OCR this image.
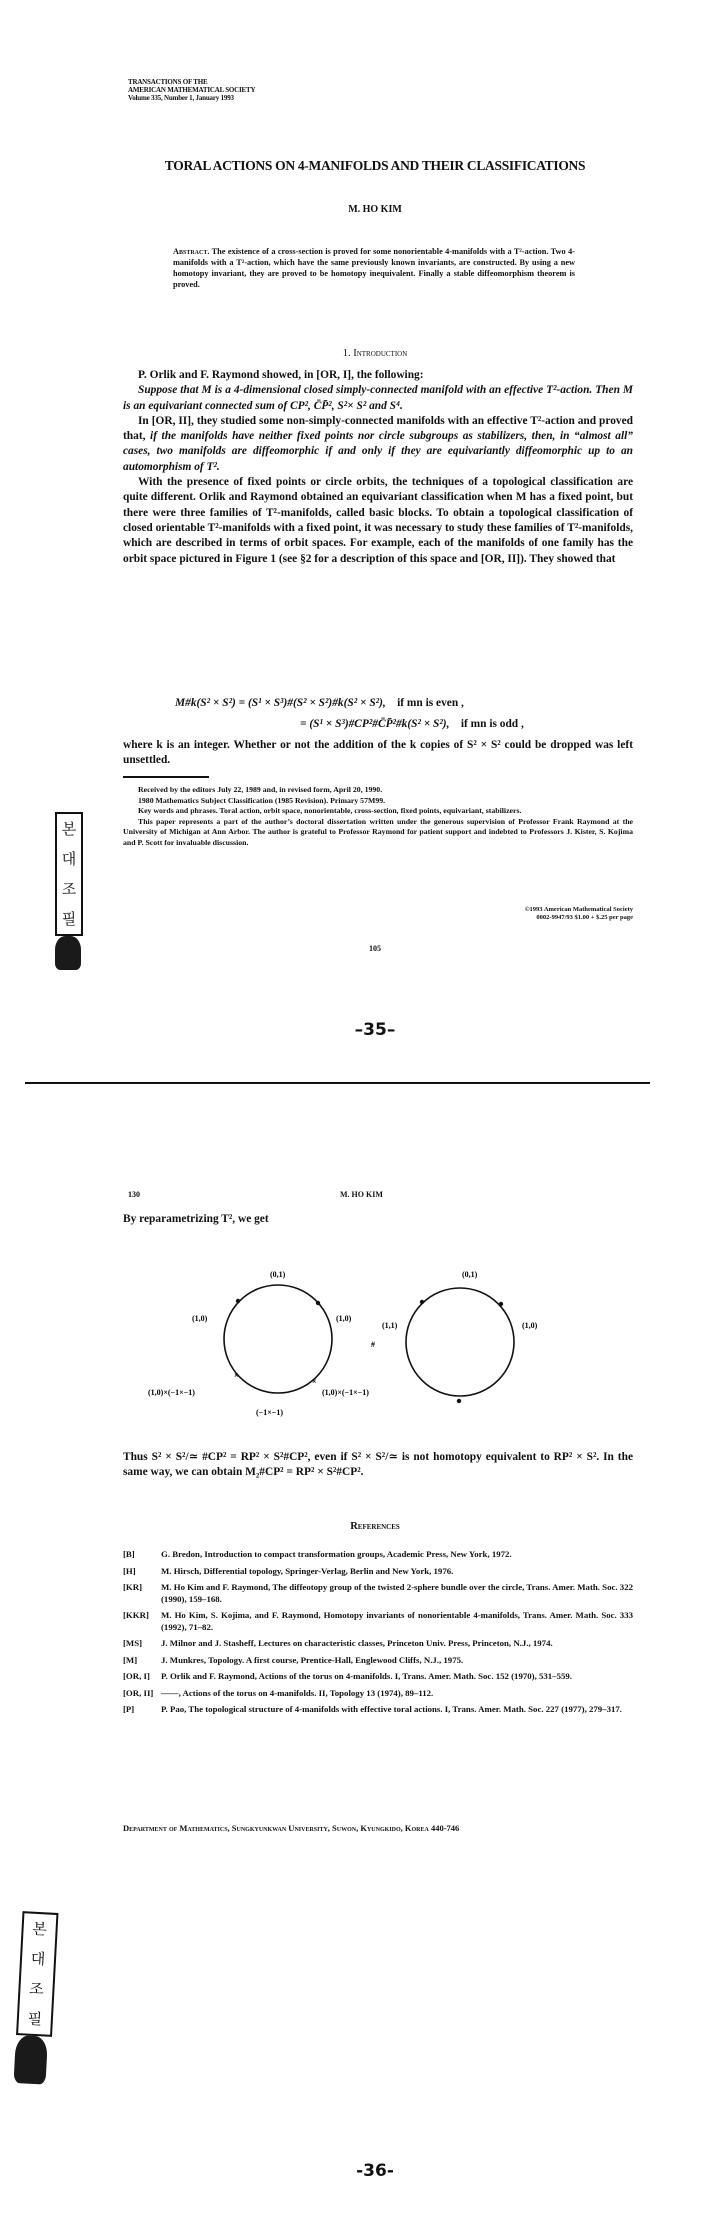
TRANSACTIONS OF THE
AMERICAN MATHEMATICAL SOCIETY
Volume 335, Number 1, January 1993
TORAL ACTIONS ON 4-MANIFOLDS AND THEIR CLASSIFICATIONS
M. HO KIM
Abstract. The existence of a cross-section is proved for some nonorientable 4-manifolds with a T²-action. Two 4-manifolds with a T²-action, which have the same previously known invariants, are constructed. By using a new homotopy invariant, they are proved to be homotopy inequivalent. Finally a stable diffeomorphism theorem is proved.
1. Introduction

P. Orlik and F. Raymond showed, in [OR, I], the following:

Suppose that M is a 4-dimensional closed simply-connected manifold with an effective T²-action. Then M is an equivariant connected sum of CP², C̄P̄², S²× S² and S⁴.

In [OR, II], they studied some non-simply-connected manifolds with an effective T²-action and proved that, if the manifolds have neither fixed points nor circle subgroups as stabilizers, then, in “almost all” cases, two manifolds are diffeomorphic if and only if they are equivariantly diffeomorphic up to an automorphism of T².

With the presence of fixed points or circle orbits, the techniques of a topological classification are quite different. Orlik and Raymond obtained an equivariant classification when M has a fixed point, but there were three families of T²-manifolds, called basic blocks. To obtain a topological classification of closed orientable T²-manifolds with a fixed point, it was necessary to study these families of T²-manifolds, which are described in terms of orbit spaces. For example, each of the manifolds of one family has the orbit space pictured in Figure 1 (see §2 for a description of this space and [OR, II]). They showed that

M#k(S² × S²) = (S¹ × S³)#(S² × S²)#k(S² × S²), if mn is even ,
= (S¹ × S³)#CP²#C̄P̄²#k(S² × S²), if mn is odd ,

where k is an integer. Whether or not the addition of the k copies of S² × S² could be dropped was left unsettled.

Received by the editors July 22, 1989 and, in revised form, April 20, 1990.

1980 Mathematics Subject Classification (1985 Revision). Primary 57M99.

Key words and phrases. Toral action, orbit space, nonorientable, cross-section, fixed points, equivariant, stabilizers.

This paper represents a part of the author’s doctoral dissertation written under the generous supervision of Professor Frank Raymond at the University of Michigan at Ann Arbor. The author is grateful to Professor Raymond for patient support and indebted to Professors J. Kister, S. Kojima and P. Scott for invaluable discussion.

©1993 American Mathematical Society
0002-9947/93 $1.00 + $.25 per page
105
–35–
본
대
조
필
130	M. HO KIM

By reparametrizing T², we get

×
×
(0,1)
(1,0)	(1,0)
(1,0)×(−1×−1)	(1,0)×(−1×−1)
(−1×−1)
#
(0,1)
(1,1)	(1,0)

Thus S² × S²/≃ #CP² = RP² × S²#CP², even if S² × S²/≃ is not homotopy equivalent to RP² × S². In the same way, we can obtain M₂#CP² = RP² × S²#CP².

References
[B]	G. Bredon, Introduction to compact transformation groups, Academic Press, New York, 1972.
[H]	M. Hirsch, Differential topology, Springer-Verlag, Berlin and New York, 1976.
[KR]	M. Ho Kim and F. Raymond, The diffeotopy group of the twisted 2-sphere bundle over the circle, Trans. Amer. Math. Soc. 322 (1990), 159–168.
[KKR]	M. Ho Kim, S. Kojima, and F. Raymond, Homotopy invariants of nonorientable 4-manifolds, Trans. Amer. Math. Soc. 333 (1992), 71–82.
[MS]	J. Milnor and J. Stasheff, Lectures on characteristic classes, Princeton Univ. Press, Princeton, N.J., 1974.
[M]	J. Munkres, Topology. A first course, Prentice-Hall, Englewood Cliffs, N.J., 1975.
[OR, I]	P. Orlik and F. Raymond, Actions of the torus on 4-manifolds. I, Trans. Amer. Math. Soc. 152 (1970), 531–559.
[OR, II] ——, Actions of the torus on 4-manifolds. II, Topology 13 (1974), 89–112.
[P]	P. Pao, The topological structure of 4-manifolds with effective toral actions. I, Trans. Amer. Math. Soc. 227 (1977), 279–317.
Department of Mathematics, Sungkyunkwan University, Suwon, Kyungkido, Korea 440-746
본
대
조
필
-36-
